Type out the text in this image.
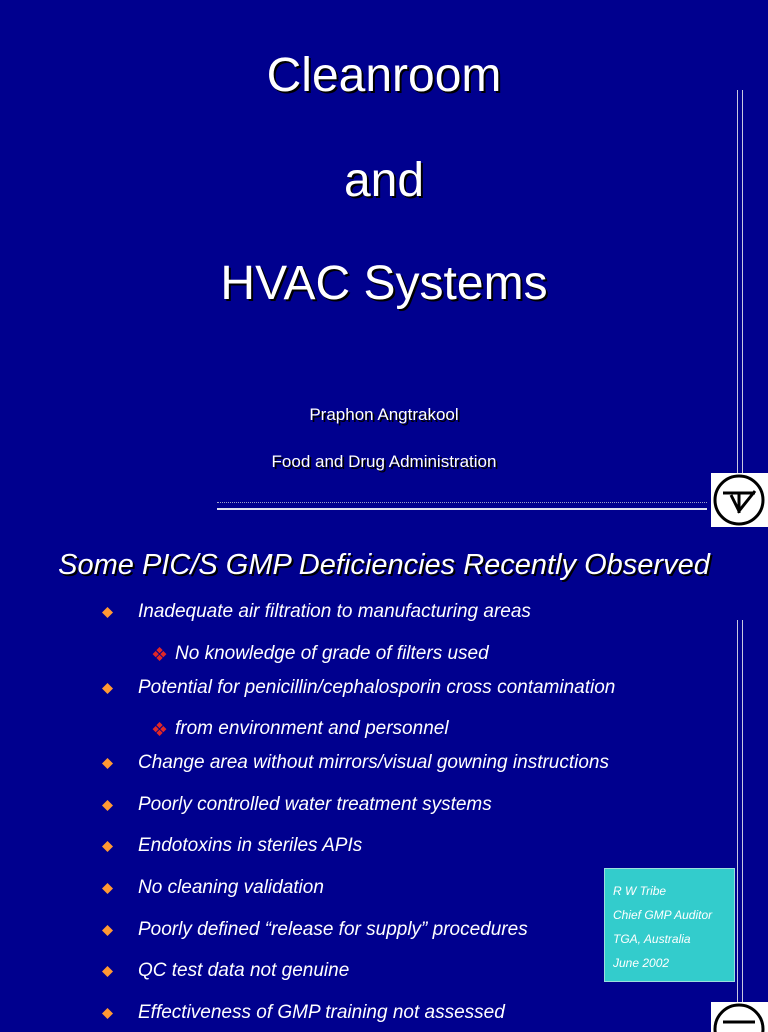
Cleanroom
and
HVAC Systems
Praphon Angtrakool
Food and Drug Administration
Some PIC/S GMP Deficiencies Recently Observed
Inadequate air filtration to manufacturing areas
❖ No knowledge of grade of filters used
Potential for penicillin/cephalosporin cross contamination
❖ from environment and personnel
Change area without mirrors/visual gowning instructions
Poorly controlled water treatment systems
Endotoxins in steriles APIs
No cleaning validation
Poorly defined “release for supply” procedures
QC test data not genuine
Effectiveness of GMP training not assessed
R W Tribe
Chief GMP Auditor
TGA, Australia
June 2002
